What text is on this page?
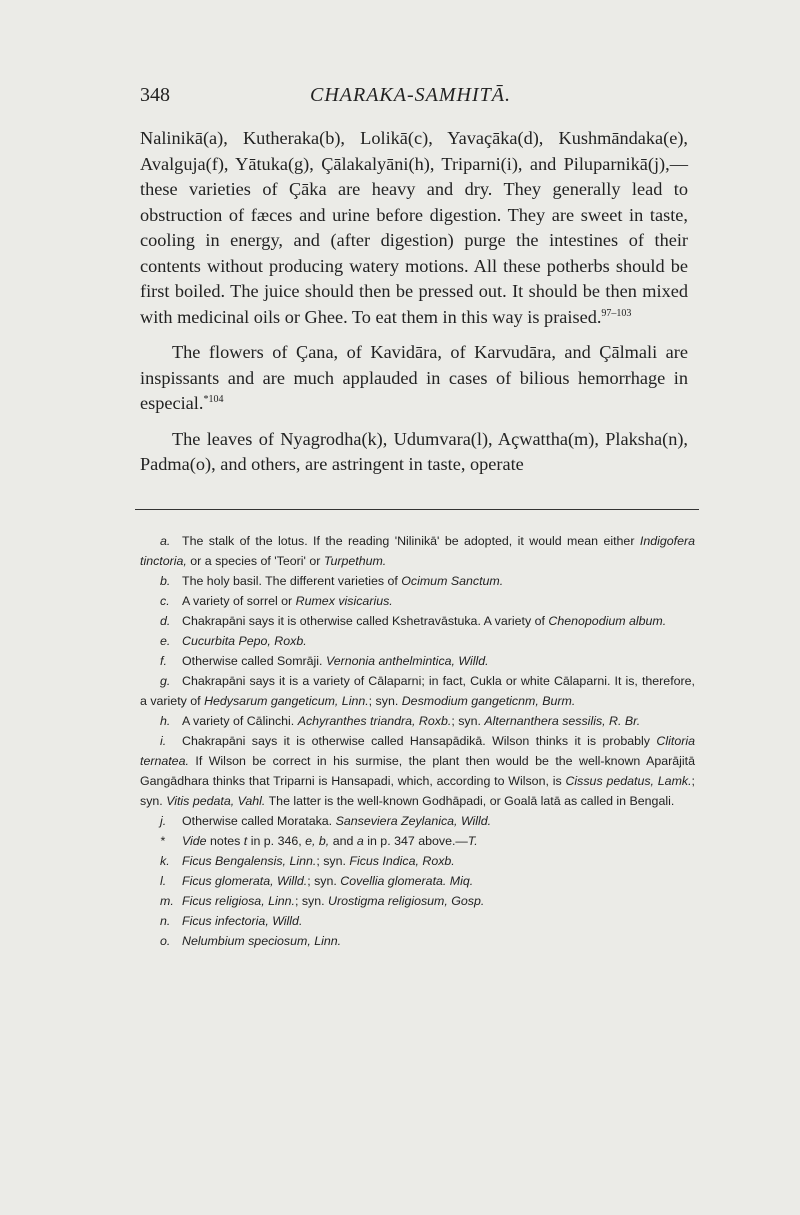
348	CHARAKA-SAMHITĀ.

Nalinikā(a), Kutheraka(b), Lolikā(c), Yavaçāka(d), Kushmāndaka(e), Avalguja(f), Yātuka(g), Çālakalyāni(h), Triparni(i), and Piluparnikā(j),—these varieties of Çāka are heavy and dry. They generally lead to obstruction of fæces and urine before digestion. They are sweet in taste, cooling in energy, and (after digestion) purge the intestines of their contents without producing watery motions. All these potherbs should be first boiled. The juice should then be pressed out. It should be then mixed with medicinal oils or Ghee. To eat them in this way is praised.$^{97-103}$

The flowers of Çana, of Kavidāra, of Karvudāra, and Çālmali are inspissants and are much applauded in cases of bilious hemorrhage in especial.$^{*104}$

The leaves of Nyagrodha(k), Udumvara(l), Açwattha(m), Plaksha(n), Padma(o), and others, are astringent in taste, operate

a. The stalk of the lotus. If the reading 'Nilinikā' be adopted, it would mean either Indigofera tinctoria, or a species of 'Teori' or Turpethum.

b. The holy basil. The different varieties of Ocimum Sanctum.

c. A variety of sorrel or Rumex visicarius.

d. Chakrapāni says it is otherwise called Kshetravāstuka. A variety of Chenopodium album.

e. Cucurbita Pepo, Roxb.

f. Otherwise called Somrāji. Vernonia anthelmintica, Willd.

g. Chakrapāni says it is a variety of Cālaparni; in fact, Cukla or white Cālaparni. It is, therefore, a variety of Hedysarum gangeticum, Linn.; syn. Desmodium gangeticnm, Burm.

h. A variety of Cālinchi. Achyranthes triandra, Roxb.; syn. Alternanthera sessilis, R. Br.

i. Chakrapāni says it is otherwise called Hansapādikā. Wilson thinks it is probably Clitoria ternatea. If Wilson be correct in his surmise, the plant then would be the well-known Aparājitā Gangādhara thinks that Triparni is Hansapadi, which, according to Wilson, is Cissus pedatus, Lamk.; syn. Vitis pedata, Vahl. The latter is the well-known Godhāpadi, or Goalā latā as called in Bengali.

j. Otherwise called Morataka. Sanseviera Zeylanica, Willd.

* Vide notes t in p. 346, e, b, and a in p. 347 above.—T.

k. Ficus Bengalensis, Linn.; syn. Ficus Indica, Roxb.

l. Ficus glomerata, Willd.; syn. Covellia glomerata. Miq.

m. Ficus religiosa, Linn.; syn. Urostigma religiosum, Gosp.

n. Ficus infectoria, Willd.

o. Nelumbium speciosum, Linn.
